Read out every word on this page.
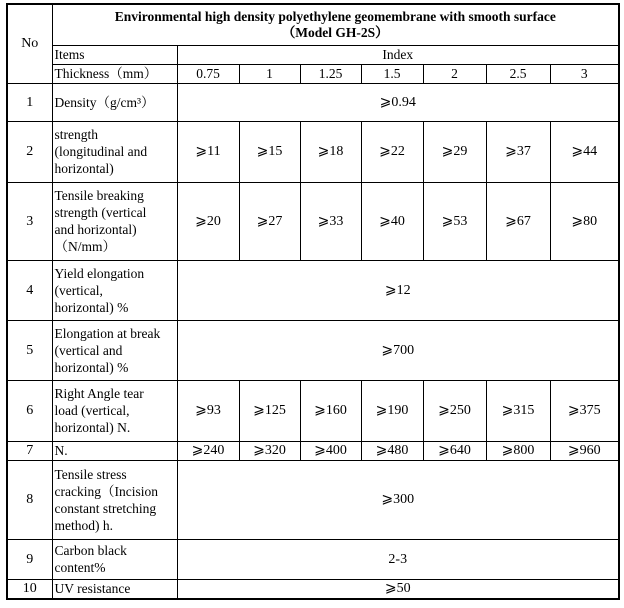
No	Environmental high density polyethylene geomembrane with smooth surface
（Model GH-2S）							

	Items	Index						
	Thickness（mm）	0.75	1	1.25	1.5	2	2.5	3
1	Density（g/cm³）	⩾0.94						
2	strength
(longitudinal and
horizontal)	⩾11	⩾15	⩾18	⩾22	⩾29	⩾37	⩾44
3	Tensile breaking
strength (vertical
and horizontal)
（N/mm）	⩾20	⩾27	⩾33	⩾40	⩾53	⩾67	⩾80
4	Yield elongation
(vertical,
horizontal) %	⩾12						
5	Elongation at break
(vertical and
horizontal) %	⩾700						
6	Right Angle tear
load (vertical,
horizontal) N.	⩾93	⩾125	⩾160	⩾190	⩾250	⩾315	⩾375
7	N.	⩾240	⩾320	⩾400	⩾480	⩾640	⩾800	⩾960
8	Tensile stress
cracking（Incision
constant stretching
method) h.	⩾300						
9	Carbon black
content%	2-3						
10	UV resistance	⩾50						
